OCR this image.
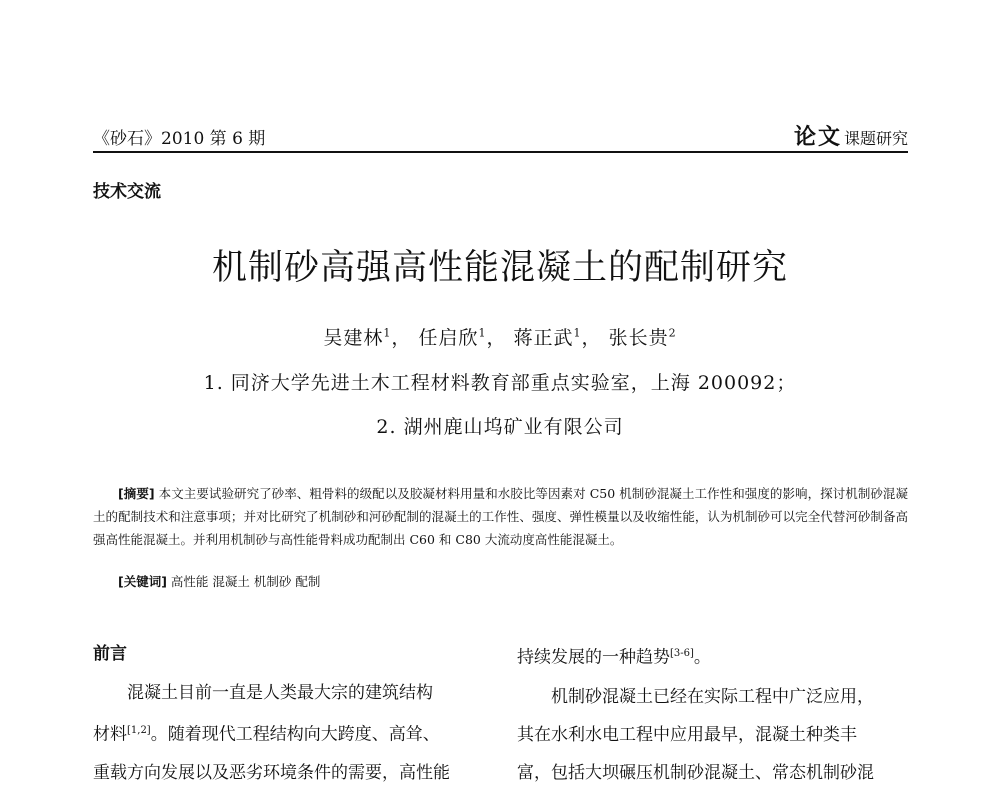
《砂石》2010 第 6 期	论文 课题研究
技术交流
机制砂高强高性能混凝土的配制研究
吴建林$^1$， 任启欣$^1$， 蒋正武$^1$， 张长贵$^2$
1. 同济大学先进土木工程材料教育部重点实验室，上海 200092；
2. 湖州鹿山坞矿业有限公司
[摘要] 本文主要试验研究了砂率、粗骨料的级配以及胶凝材料用量和水胶比等因素对 C50 机制砂混凝土工作性和强度的影响，探讨机制砂混凝土的配制技术和注意事项；并对比研究了机制砂和河砂配制的混凝土的工作性、强度、弹性模量以及收缩性能，认为机制砂可以完全代替河砂制备高强高性能混凝土。并利用机制砂与高性能骨料成功配制出 C60 和 C80 大流动度高性能混凝土。
[关键词] 高性能 混凝土 机制砂 配制

前言

混凝土目前一直是人类最大宗的建筑结构

材料[1,2]。随着现代工程结构向大跨度、高耸、

重载方向发展以及恶劣环境条件的需要，高性能

持续发展的一种趋势[3-6]。

机制砂混凝土已经在实际工程中广泛应用，

其在水利水电工程中应用最早，混凝土种类丰

富，包括大坝碾压机制砂混凝土、常态机制砂混
